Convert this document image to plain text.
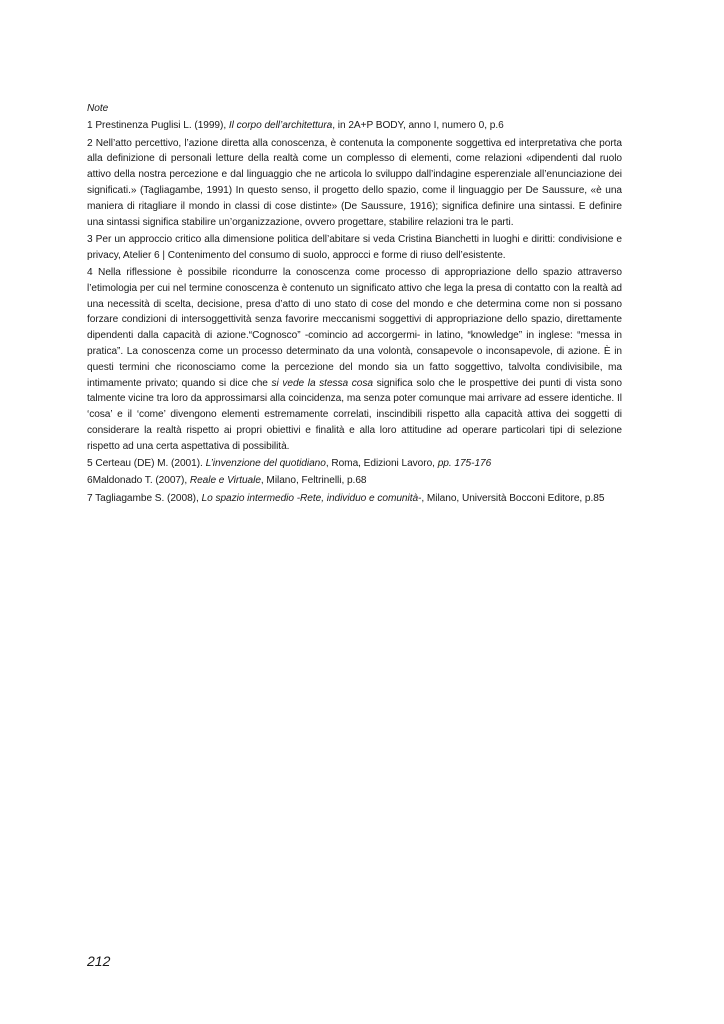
Note

1 Prestinenza Puglisi L. (1999), Il corpo dell’architettura, in 2A+P BODY, anno I, numero 0, p.6

2 Nell’atto percettivo, l’azione diretta alla conoscenza, è contenuta la componente soggettiva ed interpretativa che porta alla definizione di personali letture della realtà come un complesso di elementi, come relazioni «dipendenti dal ruolo attivo della nostra percezione e dal linguaggio che ne articola lo sviluppo dall’indagine esperenziale all’enunciazione dei significati.» (Tagliagambe, 1991) In questo senso, il progetto dello spazio, come il linguaggio per De Saussure, «è una maniera di ritagliare il mondo in classi di cose distinte» (De Saussure, 1916); significa definire una sintassi. E definire una sintassi significa stabilire un’organizzazione, ovvero progettare, stabilire relazioni tra le parti.

3 Per un approccio critico alla dimensione politica dell’abitare si veda Cristina Bianchetti in luoghi e diritti: condivisione e privacy, Atelier 6 | Contenimento del consumo di suolo, approcci e forme di riuso dell’esistente.

4 Nella riflessione è possibile ricondurre la conoscenza come processo di appropriazione dello spazio attraverso l’etimologia per cui nel termine conoscenza è contenuto un significato attivo che lega la presa di contatto con la realtà ad una necessità di scelta, decisione, presa d’atto di uno stato di cose del mondo e che determina come non si possano forzare condizioni di intersoggettività senza favorire meccanismi soggettivi di appropriazione dello spazio, direttamente dipendenti dalla capacità di azione.“Cognosco” -comincio ad accorgermi- in latino, “knowledge” in inglese: “messa in pratica”. La conoscenza come un processo determinato da una volontà, consapevole o inconsapevole, di azione. È in questi termini che riconosciamo come la percezione del mondo sia un fatto soggettivo, talvolta condivisibile, ma intimamente privato; quando si dice che si vede la stessa cosa significa solo che le prospettive dei punti di vista sono talmente vicine tra loro da approssimarsi alla coincidenza, ma senza poter comunque mai arrivare ad essere identiche. Il ‘cosa’ e il ‘come’ divengono elementi estremamente correlati, inscindibili rispetto alla capacità attiva dei soggetti di considerare la realtà rispetto ai propri obiettivi e finalità e alla loro attitudine ad operare particolari tipi di selezione rispetto ad una certa aspettativa di possibilità.

5 Certeau (DE) M. (2001). L’invenzione del quotidiano, Roma, Edizioni Lavoro, pp. 175-176

6Maldonado T. (2007), Reale e Virtuale, Milano, Feltrinelli, p.68

7 Tagliagambe S. (2008), Lo spazio intermedio -Rete, individuo e comunità-, Milano, Università Bocconi Editore, p.85

212
